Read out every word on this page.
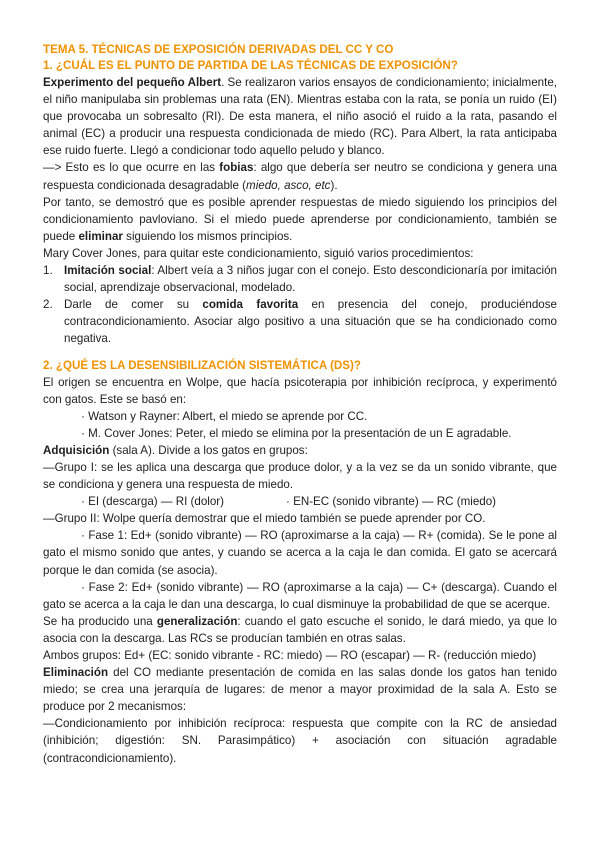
TEMA 5. TÉCNICAS DE EXPOSICIÓN DERIVADAS DEL CC Y CO
1. ¿CUÁL ES EL PUNTO DE PARTIDA DE LAS TÉCNICAS DE EXPOSICIÓN?

Experimento del pequeño Albert. Se realizaron varios ensayos de condicionamiento; inicialmente, el niño manipulaba sin problemas una rata (EN). Mientras estaba con la rata, se ponía un ruido (EI) que provocaba un sobresalto (RI). De esta manera, el niño asoció el ruido a la rata, pasando el animal (EC) a producir una respuesta condicionada de miedo (RC). Para Albert, la rata anticipaba ese ruido fuerte. Llegó a condicionar todo aquello peludo y blanco.

—> Esto es lo que ocurre en las fobias: algo que debería ser neutro se condiciona y genera una respuesta condicionada desagradable (miedo, asco, etc).

Por tanto, se demostró que es posible aprender respuestas de miedo siguiendo los principios del condicionamiento pavloviano. Si el miedo puede aprenderse por condicionamiento, también se puede eliminar siguiendo los mismos principios.

Mary Cover Jones, para quitar este condicionamiento, siguió varios procedimientos:

1. Imitación social: Albert veía a 3 niños jugar con el conejo. Esto descondicionaría por imitación social, aprendizaje observacional, modelado.
2. Darle de comer su comida favorita en presencia del conejo, produciéndose contracondicionamiento. Asociar algo positivo a una situación que se ha condicionado como negativa.
2. ¿QUÉ ES LA DESENSIBILIZACIÓN SISTEMÁTICA (DS)?

El origen se encuentra en Wolpe, que hacía psicoterapia por inhibición recíproca, y experimentó con gatos. Este se basó en:

· Watson y Rayner: Albert, el miedo se aprende por CC.

· M. Cover Jones: Peter, el miedo se elimina por la presentación de un E agradable.

Adquisición (sala A). Divide a los gatos en grupos:

—Grupo I: se les aplica una descarga que produce dolor, y a la vez se da un sonido vibrante, que se condiciona y genera una respuesta de miedo.

· EI (descarga) — RI (dolor)	· EN-EC (sonido vibrante) — RC (miedo)

—Grupo II: Wolpe quería demostrar que el miedo también se puede aprender por CO.

· Fase 1: Ed+ (sonido vibrante) — RO (aproximarse a la caja) — R+ (comida). Se le pone al gato el mismo sonido que antes, y cuando se acerca a la caja le dan comida. El gato se acercará porque le dan comida (se asocia).

· Fase 2: Ed+ (sonido vibrante) — RO (aproximarse a la caja) — C+ (descarga). Cuando el gato se acerca a la caja le dan una descarga, lo cual disminuye la probabilidad de que se acerque.

Se ha producido una generalización: cuando el gato escuche el sonido, le dará miedo, ya que lo asocia con la descarga. Las RCs se producían también en otras salas.

Ambos grupos: Ed+ (EC: sonido vibrante - RC: miedo) — RO (escapar) — R- (reducción miedo)

Eliminación del CO mediante presentación de comida en las salas donde los gatos han tenido miedo; se crea una jerarquía de lugares: de menor a mayor proximidad de la sala A. Esto se produce por 2 mecanismos:

—Condicionamiento por inhibición recíproca: respuesta que compite con la RC de ansiedad (inhibición; digestión: SN. Parasimpático) + asociación con situación agradable (contracondicionamiento).
